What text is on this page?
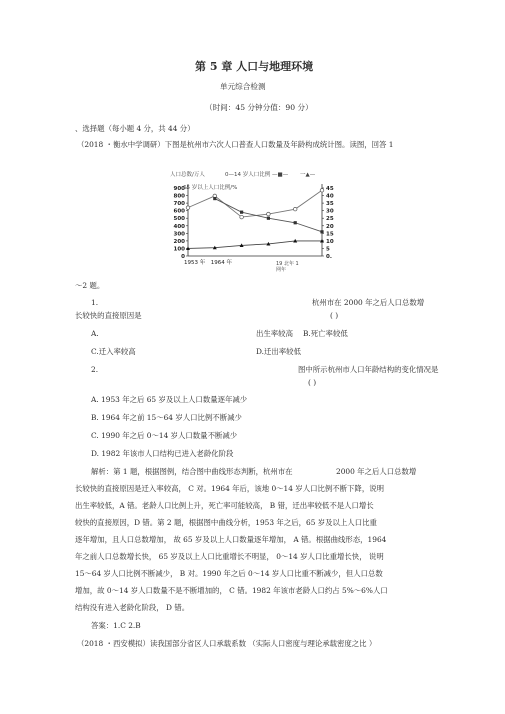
第 5 章 人口与地理环境
单元综合检测
（时间：45 分钟分值：90 分）
、选择题（每小题 4 分，共 44 分）
（2018 ・衡水中学调研）下图是杭州市六次人口普查人口数量及年龄构成统计图。读图，回答 1
900
800
700
600
500
400
300
200
100
0
45
40
35
30
25
20
15
10
5
0.
1953 年 1964 年
人口总数/万人	0—14 岁人口比例 —■— 一▲—
65 岁以上人口比例/%
19 北年 1
网年
～2 题。
1.	杭州市在 2000 年之后人口总数增
长较快的直接原因是	( )
A.	出生率较高 B.死亡率较低
C.迁入率较高	D.迁出率较低
2.	图中所示杭州市人口年龄结构的变化情况是
( )
A. 1953 年之后 65 岁及以上人口数量逐年减少
B. 1964 年之前 15～64 岁人口比例不断减少
C. 1990 年之后 0～14 岁人口数量不断减少
D. 1982 年该市人口结构已进入老龄化阶段
解析：第 1 题，根据图例，结合图中曲线形态判断，杭州市在	2000 年之后人口总数增
长较快的直接原因是迁入率较高， C 对。1964 年后，该地 0～14 岁人口比例不断下降，说明
出生率较低，A 错。老龄人口比例上升，死亡率可能较高， B 错，迁出率较低不是人口增长
较快的直接原因，D 错。第 2 题，根据图中曲线分析，1953 年之后，65 岁及以上人口比重
逐年增加，且人口总数增加， 故 65 岁及以上人口数量逐年增加， A 错。根据曲线形态，1964
年之前人口总数增长快， 65 岁及以上人口比重增长不明显， 0～14 岁人口比重增长快， 说明
15～64 岁人口比例不断减少， B 对。1990 年之后 0～14 岁人口比重不断减少，但人口总数
增加，故 0～14 岁人口数量不是不断增加的， C 错。1982 年该市老龄人口约占 5%～6%人口
结构没有进入老龄化阶段， D 错。
答案：1.C 2.B
（2018 ・西安模拟）读我国部分省区人口承载系数 （实际人口密度与理论承载密度之比 ）
